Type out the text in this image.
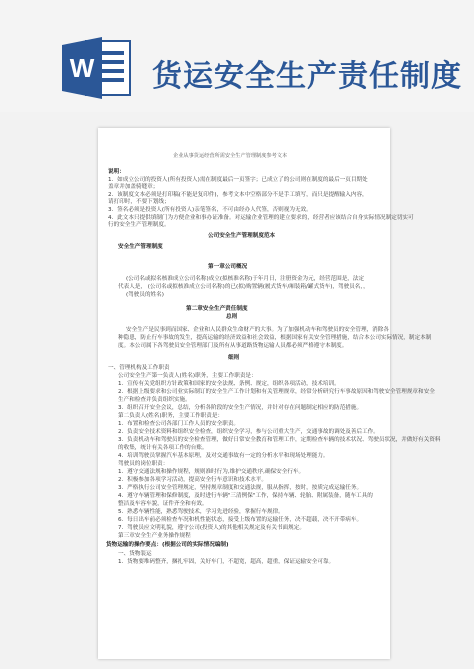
W 货运安全生产责任制度
企业从事货运经营所需安全生产管理制度参考文本
说明：
1．如成立公司的投资人(所有投资人)需在制度最后一页签字；已成立了的公司则在制度的最后一页目期处
盖章并加盖骑缝章；
2．该制度文本必须是打印稿(不能是复印件)，参考文本中空格部分不是手工填写，而只是提醒输入内容，
请打印时，不要下划线；
3．签名必须是投资人(所有投资人)亲笔签名，不可由经办人代签，否则视为无效。
4．此文本只提供填制门为方便企业和事办证准备。对运输企业管理的建立要求的，经营者应该结合自身实际情况制定切实可
行的安全生产管理制度。
公司安全生产管理制度范本
安全生产管理制度
第一章公司概况
(公司名或拟名核准成立公司名称)成立(拟核准名称)于年月日，注册资金为元，经营范围是，法定
代表人是， (公司名或拟核准成立公司名称)的已(拟)购置辆(履式货车/厢装箱/罐式货车)，驾驶员名，，
(驾驶员的姓名)
第二章安全生产责任制度
总则
安全生产是民事到而国家、企业和人民群众生命财产的大事。为了加强机动车和驾驶员的安全管理，消除各
种隐患，防止行车事故的发生，提高运输的经济效益和社会效益，根据国家有关安全管理措施，结合本公司实际情况，制定本制
度。本公司属下各驾驶员安全管理部门及所有从事道路货物运输人员都必须严格遵守本制度。
细则
一、管理机构及工作职责
公司安全生产第一负责人(姓名)职务，主要工作职责是：
1．宣传有关党组织方针政策和国家的安全法规、条例、规定，组织各项活动，技术培训。
2．根据上级要求和公司业实际制订的安全生产工作计划和有关管理规章，经常分析研究行车事故原因和驾驶安全管理规章和安全
生产和检查并负责组织实施。
3．组织召开安全会议，总结，分析各阶段的安全生产情况，并针对存在问题制定相应的防范措施。
第二负责人(姓名)职务，主要工作职责是：
1．布置和检查公司各部门工作人员的安全职责。
2．负责安全技术资料和组织安全检查，组织安全学习，参与公司重大生产，交通事故的调处及善后工作。
3．负责机动车和驾驶员的安全检查管理，做好日常安全教育和管理工作，定期检查车辆的技术状况、驾驶员状况，并做好有关资料
的收集，统计有关各项工作的台账。
4．培训驾驶员掌握汽车基本原理，及对交通事故有一定的分析水平和现场处理能力。
驾驶员的岗位职责：
1．遵守交通法规和操作规程，规则准时行为,维护交通秩序,确保安全行车。
2．积极参加各项学习活动，提高安全行车意识和技术水平。
3．严格执行公司安全管理规定，坚持规章制度和交通法规，服从指挥，按时，按质完成运输任务。
4．遵守车辆管理和保修制度，及时进行车辆"三清例保"工作，保持车辆、轮胎、附属装备，随车工具的
整洁及车容车貌，证件齐全和有效。
5．熟悉车辆性能，熟悉驾驶技术，学习先进经验，掌握行车规律。
6．每日出车前必须检查车况和机性能状态，接受上级布置的运输任务，决不超载，决不开带病车。
7．驾驶员应文明礼貌，遵守公司(投资人)的其他相关规定及有关书面规定。
第三章安全生产业务操作规程
货物运输的操作要点：(根据公司的实际情况编制)
一、货物装运
1．货物要堆码整齐，捆扎牢固，关好车门，不超宽，超高，超重，保证运输安全可靠。
